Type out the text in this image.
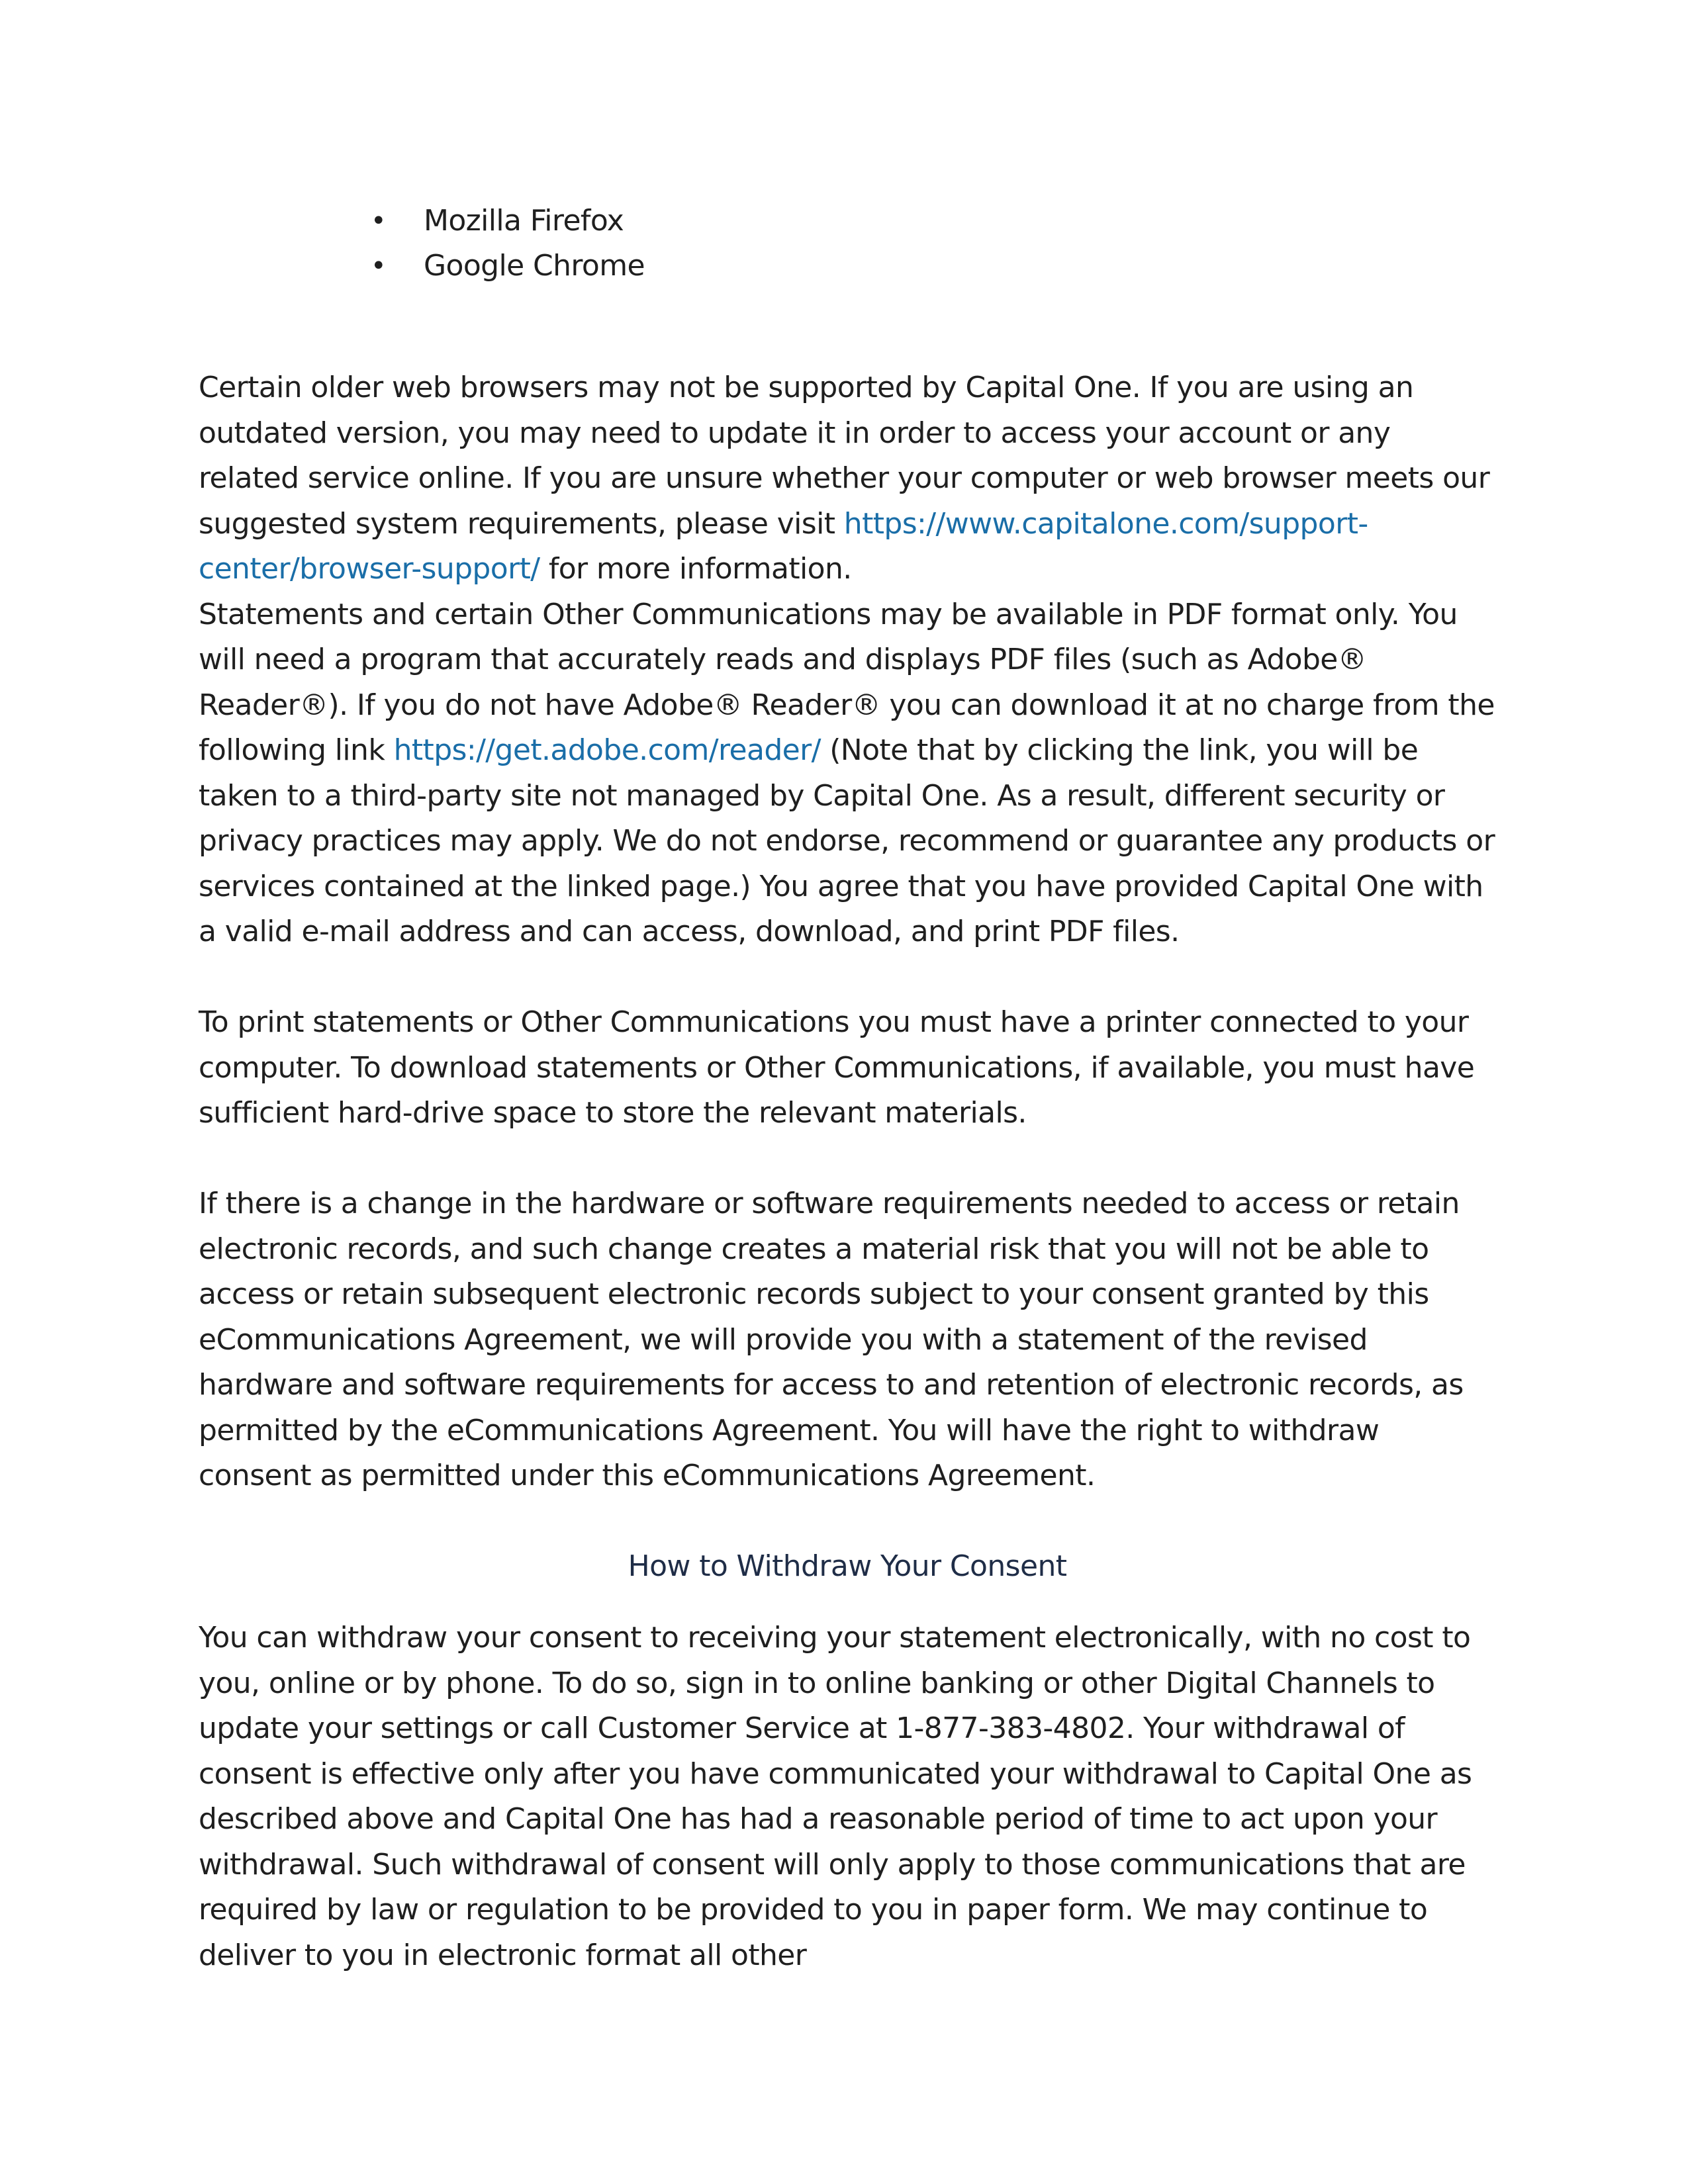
•	Mozilla Firefox
•	Google Chrome

Certain older web browsers may not be supported by Capital One. If you are using an outdated version, you may need to update it in order to access your account or any related service online. If you are unsure whether your computer or web browser meets our suggested system requirements, please visit https://www.capitalone.com/support-center/browser-support/ for more information.

Statements and certain Other Communications may be available in PDF format only. You will need a program that accurately reads and displays PDF files (such as Adobe® Reader®). If you do not have Adobe® Reader® you can download it at no charge from the following link https://get.adobe.com/reader/ (Note that by clicking the link, you will be taken to a third-party site not managed by Capital One. As a result, different security or privacy practices may apply. We do not endorse, recommend or guarantee any products or services contained at the linked page.) You agree that you have provided Capital One with a valid e-mail address and can access, download, and print PDF files.

To print statements or Other Communications you must have a printer connected to your computer. To download statements or Other Communications, if available, you must have sufficient hard-drive space to store the relevant materials.

If there is a change in the hardware or software requirements needed to access or retain electronic records, and such change creates a material risk that you will not be able to access or retain subsequent electronic records subject to your consent granted by this eCommunications Agreement, we will provide you with a statement of the revised hardware and software requirements for access to and retention of electronic records, as permitted by the eCommunications Agreement. You will have the right to withdraw consent as permitted under this eCommunications Agreement.

How to Withdraw Your Consent

You can withdraw your consent to receiving your statement electronically, with no cost to you, online or by phone. To do so, sign in to online banking or other Digital Channels to update your settings or call Customer Service at 1-877-383-4802. Your withdrawal of consent is effective only after you have communicated your withdrawal to Capital One as described above and Capital One has had a reasonable period of time to act upon your withdrawal. Such withdrawal of consent will only apply to those communications that are required by law or regulation to be provided to you in paper form. We may continue to deliver to you in electronic format all other
